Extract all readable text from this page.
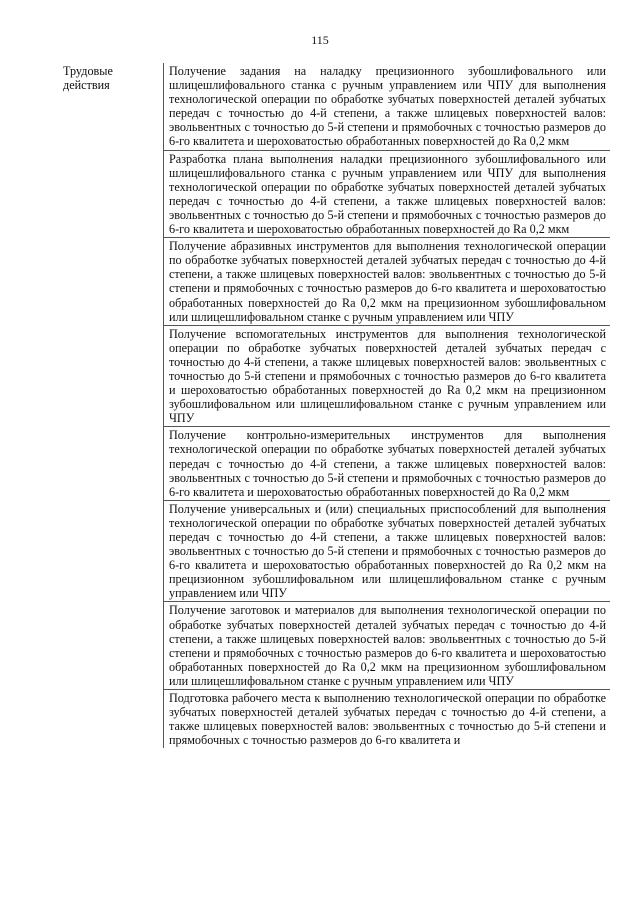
115
Трудовые действия	Получение задания на наладку прецизионного зубошлифовального или шлицешлифовального станка с ручным управлением или ЧПУ для выполнения технологической операции по обработке зубчатых поверхностей деталей зубчатых передач с точностью до 4-й степени, а также шлицевых поверхностей валов: эвольвентных с точностью до 5-й степени и прямобочных с точностью размеров до 6-го квалитета и шероховатостью обработанных поверхностей до Ra 0,2 мкм
Разработка плана выполнения наладки прецизионного зубошлифовального или шлицешлифовального станка с ручным управлением или ЧПУ для выполнения технологической операции по обработке зубчатых поверхностей деталей зубчатых передач с точностью до 4-й степени, а также шлицевых поверхностей валов: эвольвентных с точностью до 5-й степени и прямобочных с точностью размеров до 6-го квалитета и шероховатостью обработанных поверхностей до Ra 0,2 мкм
Получение абразивных инструментов для выполнения технологической операции по обработке зубчатых поверхностей деталей зубчатых передач с точностью до 4-й степени, а также шлицевых поверхностей валов: эвольвентных с точностью до 5-й степени и прямобочных с точностью размеров до 6-го квалитета и шероховатостью обработанных поверхностей до Ra 0,2 мкм на прецизионном зубошлифовальном или шлицешлифовальном станке с ручным управлением или ЧПУ
Получение вспомогательных инструментов для выполнения технологической операции по обработке зубчатых поверхностей деталей зубчатых передач с точностью до 4-й степени, а также шлицевых поверхностей валов: эвольвентных с точностью до 5-й степени и прямобочных с точностью размеров до 6-го квалитета и шероховатостью обработанных поверхностей до Ra 0,2 мкм на прецизионном зубошлифовальном или шлицешлифовальном станке с ручным управлением или ЧПУ
Получение контрольно-измерительных инструментов для выполнения технологической операции по обработке зубчатых поверхностей деталей зубчатых передач с точностью до 4-й степени, а также шлицевых поверхностей валов: эвольвентных с точностью до 5-й степени и прямобочных с точностью размеров до 6-го квалитета и шероховатостью обработанных поверхностей до Ra 0,2 мкм
Получение универсальных и (или) специальных приспособлений для выполнения технологической операции по обработке зубчатых поверхностей деталей зубчатых передач с точностью до 4-й степени, а также шлицевых поверхностей валов: эвольвентных с точностью до 5-й степени и прямобочных с точностью размеров до 6-го квалитета и шероховатостью обработанных поверхностей до Ra 0,2 мкм на прецизионном зубошлифовальном или шлицешлифовальном станке с ручным управлением или ЧПУ
Получение заготовок и материалов для выполнения технологической операции по обработке зубчатых поверхностей деталей зубчатых передач с точностью до 4-й степени, а также шлицевых поверхностей валов: эвольвентных с точностью до 5-й степени и прямобочных с точностью размеров до 6-го квалитета и шероховатостью обработанных поверхностей до Ra 0,2 мкм на прецизионном зубошлифовальном или шлицешлифовальном станке с ручным управлением или ЧПУ
Подготовка рабочего места к выполнению технологической операции по обработке зубчатых поверхностей деталей зубчатых передач с точностью до 4-й степени, а также шлицевых поверхностей валов: эвольвентных с точностью до 5-й степени и прямобочных с точностью размеров до 6-го квалитета и
